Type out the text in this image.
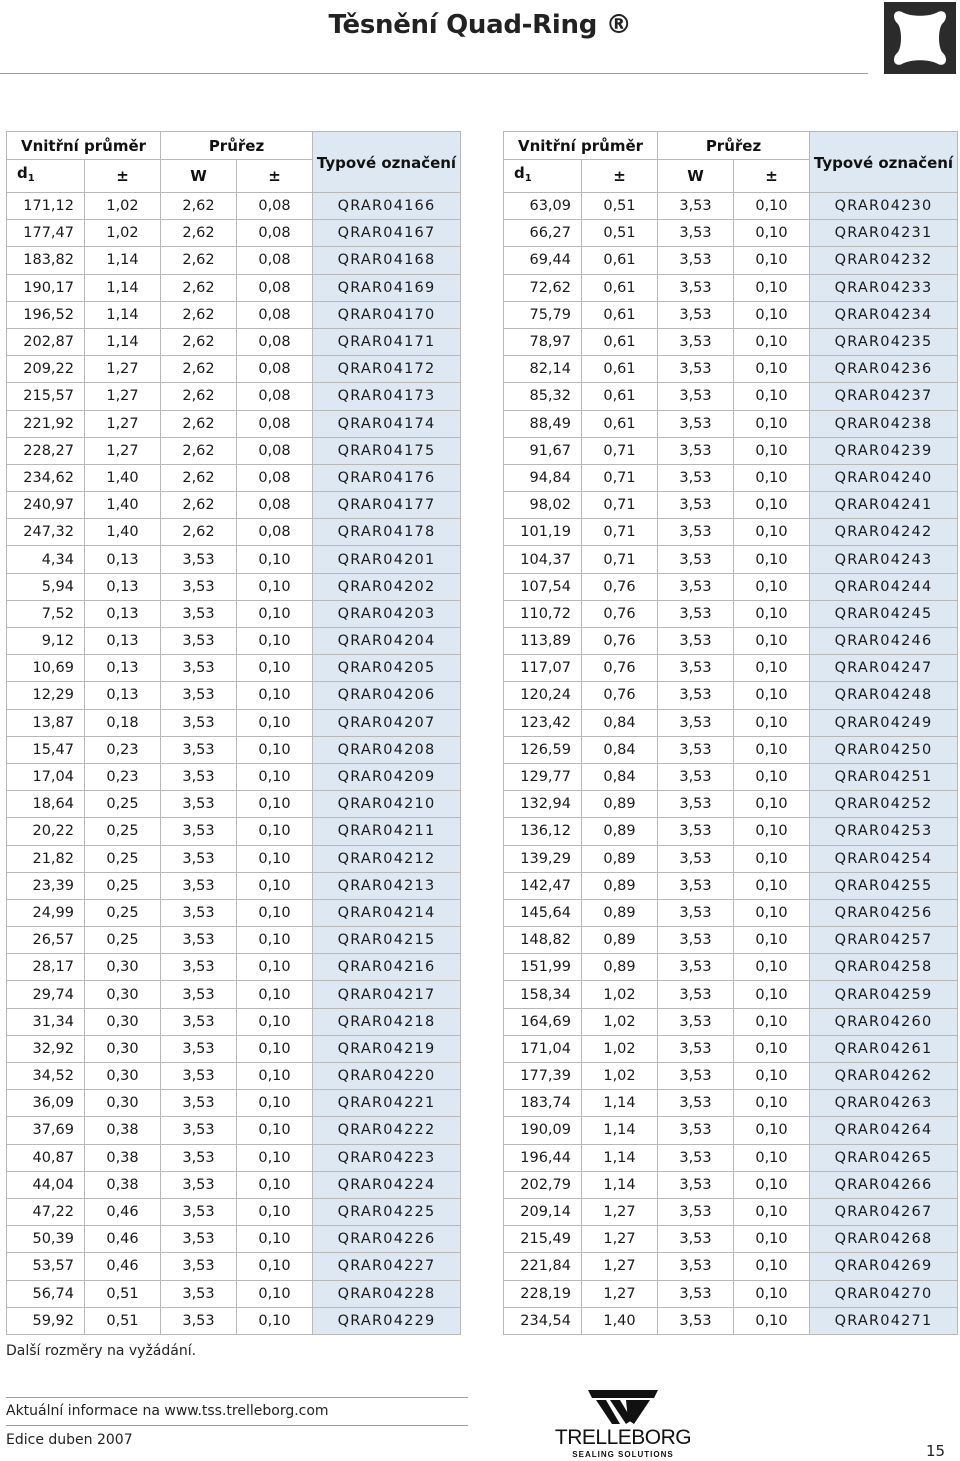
Těsnění Quad-Ring ®
Vnitřní průměr		Průřez		Typové označení
$d_1$	±	W	±	
171,12	1,02	2,62	0,08	QRAR04166
177,47	1,02	2,62	0,08	QRAR04167
183,82	1,14	2,62	0,08	QRAR04168
190,17	1,14	2,62	0,08	QRAR04169
196,52	1,14	2,62	0,08	QRAR04170
202,87	1,14	2,62	0,08	QRAR04171
209,22	1,27	2,62	0,08	QRAR04172
215,57	1,27	2,62	0,08	QRAR04173
221,92	1,27	2,62	0,08	QRAR04174
228,27	1,27	2,62	0,08	QRAR04175
234,62	1,40	2,62	0,08	QRAR04176
240,97	1,40	2,62	0,08	QRAR04177
247,32	1,40	2,62	0,08	QRAR04178
4,34	0,13	3,53	0,10	QRAR04201
5,94	0,13	3,53	0,10	QRAR04202
7,52	0,13	3,53	0,10	QRAR04203
9,12	0,13	3,53	0,10	QRAR04204
10,69	0,13	3,53	0,10	QRAR04205
12,29	0,13	3,53	0,10	QRAR04206
13,87	0,18	3,53	0,10	QRAR04207
15,47	0,23	3,53	0,10	QRAR04208
17,04	0,23	3,53	0,10	QRAR04209
18,64	0,25	3,53	0,10	QRAR04210
20,22	0,25	3,53	0,10	QRAR04211
21,82	0,25	3,53	0,10	QRAR04212
23,39	0,25	3,53	0,10	QRAR04213
24,99	0,25	3,53	0,10	QRAR04214
26,57	0,25	3,53	0,10	QRAR04215
28,17	0,30	3,53	0,10	QRAR04216
29,74	0,30	3,53	0,10	QRAR04217
31,34	0,30	3,53	0,10	QRAR04218
32,92	0,30	3,53	0,10	QRAR04219
34,52	0,30	3,53	0,10	QRAR04220
36,09	0,30	3,53	0,10	QRAR04221
37,69	0,38	3,53	0,10	QRAR04222
40,87	0,38	3,53	0,10	QRAR04223
44,04	0,38	3,53	0,10	QRAR04224
47,22	0,46	3,53	0,10	QRAR04225
50,39	0,46	3,53	0,10	QRAR04226
53,57	0,46	3,53	0,10	QRAR04227
56,74	0,51	3,53	0,10	QRAR04228
59,92	0,51	3,53	0,10	QRAR04229
Vnitřní průměr		Průřez		Typové označení
$d_1$	±	W	±	
63,09	0,51	3,53	0,10	QRAR04230
66,27	0,51	3,53	0,10	QRAR04231
69,44	0,61	3,53	0,10	QRAR04232
72,62	0,61	3,53	0,10	QRAR04233
75,79	0,61	3,53	0,10	QRAR04234
78,97	0,61	3,53	0,10	QRAR04235
82,14	0,61	3,53	0,10	QRAR04236
85,32	0,61	3,53	0,10	QRAR04237
88,49	0,61	3,53	0,10	QRAR04238
91,67	0,71	3,53	0,10	QRAR04239
94,84	0,71	3,53	0,10	QRAR04240
98,02	0,71	3,53	0,10	QRAR04241
101,19	0,71	3,53	0,10	QRAR04242
104,37	0,71	3,53	0,10	QRAR04243
107,54	0,76	3,53	0,10	QRAR04244
110,72	0,76	3,53	0,10	QRAR04245
113,89	0,76	3,53	0,10	QRAR04246
117,07	0,76	3,53	0,10	QRAR04247
120,24	0,76	3,53	0,10	QRAR04248
123,42	0,84	3,53	0,10	QRAR04249
126,59	0,84	3,53	0,10	QRAR04250
129,77	0,84	3,53	0,10	QRAR04251
132,94	0,89	3,53	0,10	QRAR04252
136,12	0,89	3,53	0,10	QRAR04253
139,29	0,89	3,53	0,10	QRAR04254
142,47	0,89	3,53	0,10	QRAR04255
145,64	0,89	3,53	0,10	QRAR04256
148,82	0,89	3,53	0,10	QRAR04257
151,99	0,89	3,53	0,10	QRAR04258
158,34	1,02	3,53	0,10	QRAR04259
164,69	1,02	3,53	0,10	QRAR04260
171,04	1,02	3,53	0,10	QRAR04261
177,39	1,02	3,53	0,10	QRAR04262
183,74	1,14	3,53	0,10	QRAR04263
190,09	1,14	3,53	0,10	QRAR04264
196,44	1,14	3,53	0,10	QRAR04265
202,79	1,14	3,53	0,10	QRAR04266
209,14	1,27	3,53	0,10	QRAR04267
215,49	1,27	3,53	0,10	QRAR04268
221,84	1,27	3,53	0,10	QRAR04269
228,19	1,27	3,53	0,10	QRAR04270
234,54	1,40	3,53	0,10	QRAR04271
Další rozměry na vyžádání.
Aktuální informace na www.tss.trelleborg.com
Edice duben 2007	TRELLEBORG
SEALING SOLUTIONS	15
